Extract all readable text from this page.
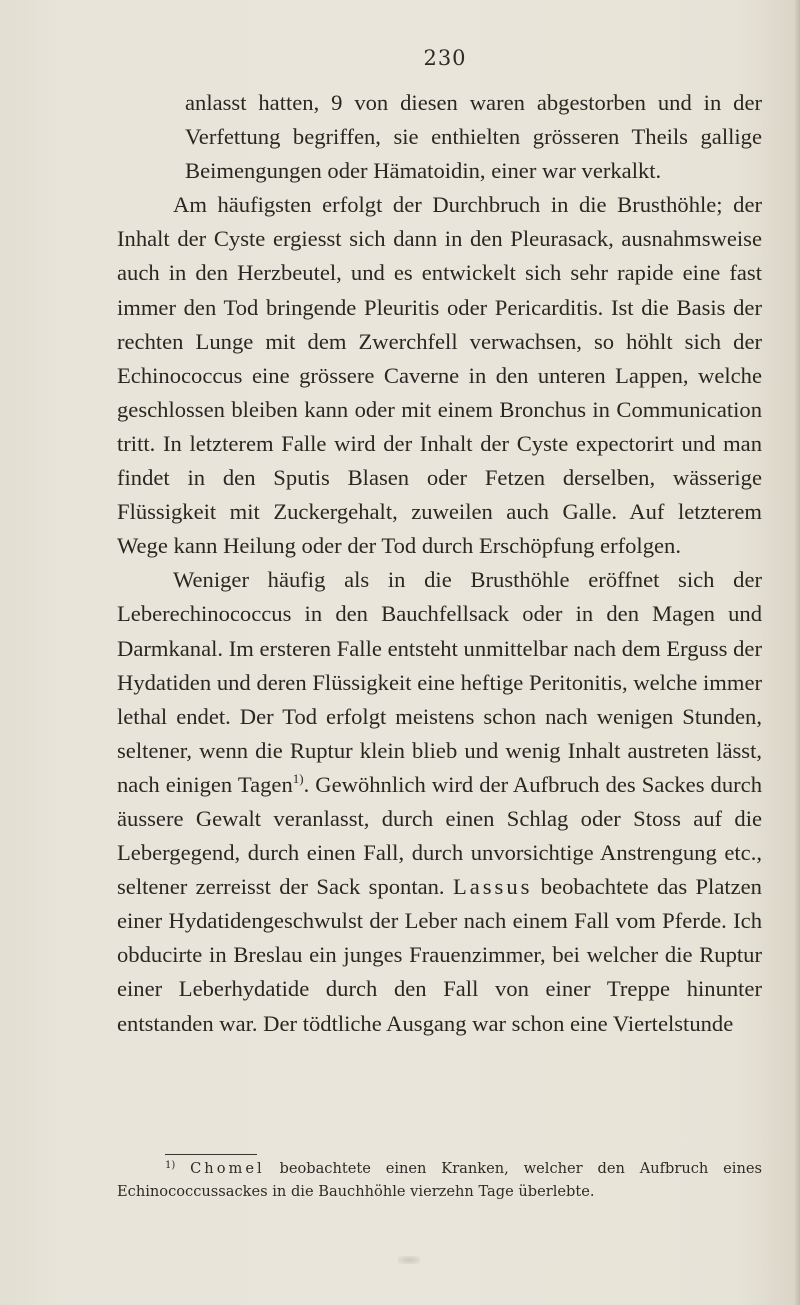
230

anlasst hatten, 9 von diesen waren abgestorben und in der Verfettung begriffen, sie enthielten grösseren Theils gallige Beimengungen oder Hämatoidin, einer war verkalkt.

Am häufigsten erfolgt der Durchbruch in die Brusthöhle; der Inhalt der Cyste ergiesst sich dann in den Pleurasack, ausnahmsweise auch in den Herzbeutel, und es entwickelt sich sehr rapide eine fast immer den Tod bringende Pleuritis oder Pericarditis. Ist die Basis der rechten Lunge mit dem Zwerchfell verwachsen, so höhlt sich der Echinococcus eine grössere Caverne in den unteren Lappen, welche geschlossen bleiben kann oder mit einem Bronchus in Communication tritt. In letzterem Falle wird der Inhalt der Cyste expectorirt und man findet in den Sputis Blasen oder Fetzen derselben, wässerige Flüssigkeit mit Zuckergehalt, zuweilen auch Galle. Auf letzterem Wege kann Heilung oder der Tod durch Erschöpfung erfolgen.

Weniger häufig als in die Brusthöhle eröffnet sich der Leberechinococcus in den Bauchfellsack oder in den Magen und Darmkanal. Im ersteren Falle entsteht unmittelbar nach dem Erguss der Hydatiden und deren Flüssigkeit eine heftige Peritonitis, welche immer lethal endet. Der Tod erfolgt meistens schon nach wenigen Stunden, seltener, wenn die Ruptur klein blieb und wenig Inhalt austreten lässt, nach einigen Tagen$^{1)}$. Gewöhnlich wird der Aufbruch des Sackes durch äussere Gewalt veranlasst, durch einen Schlag oder Stoss auf die Lebergegend, durch einen Fall, durch unvorsichtige Anstrengung etc., seltener zerreisst der Sack spontan. Lassus beobachtete das Platzen einer Hydatidengeschwulst der Leber nach einem Fall vom Pferde. Ich obducirte in Breslau ein junges Frauenzimmer, bei welcher die Ruptur einer Leberhydatide durch den Fall von einer Treppe hinunter entstanden war. Der tödtliche Ausgang war schon eine Viertelstunde

$^{1)}$ Chomel beobachtete einen Kranken, welcher den Aufbruch eines Echinococcussackes in die Bauchhöhle vierzehn Tage überlebte.
